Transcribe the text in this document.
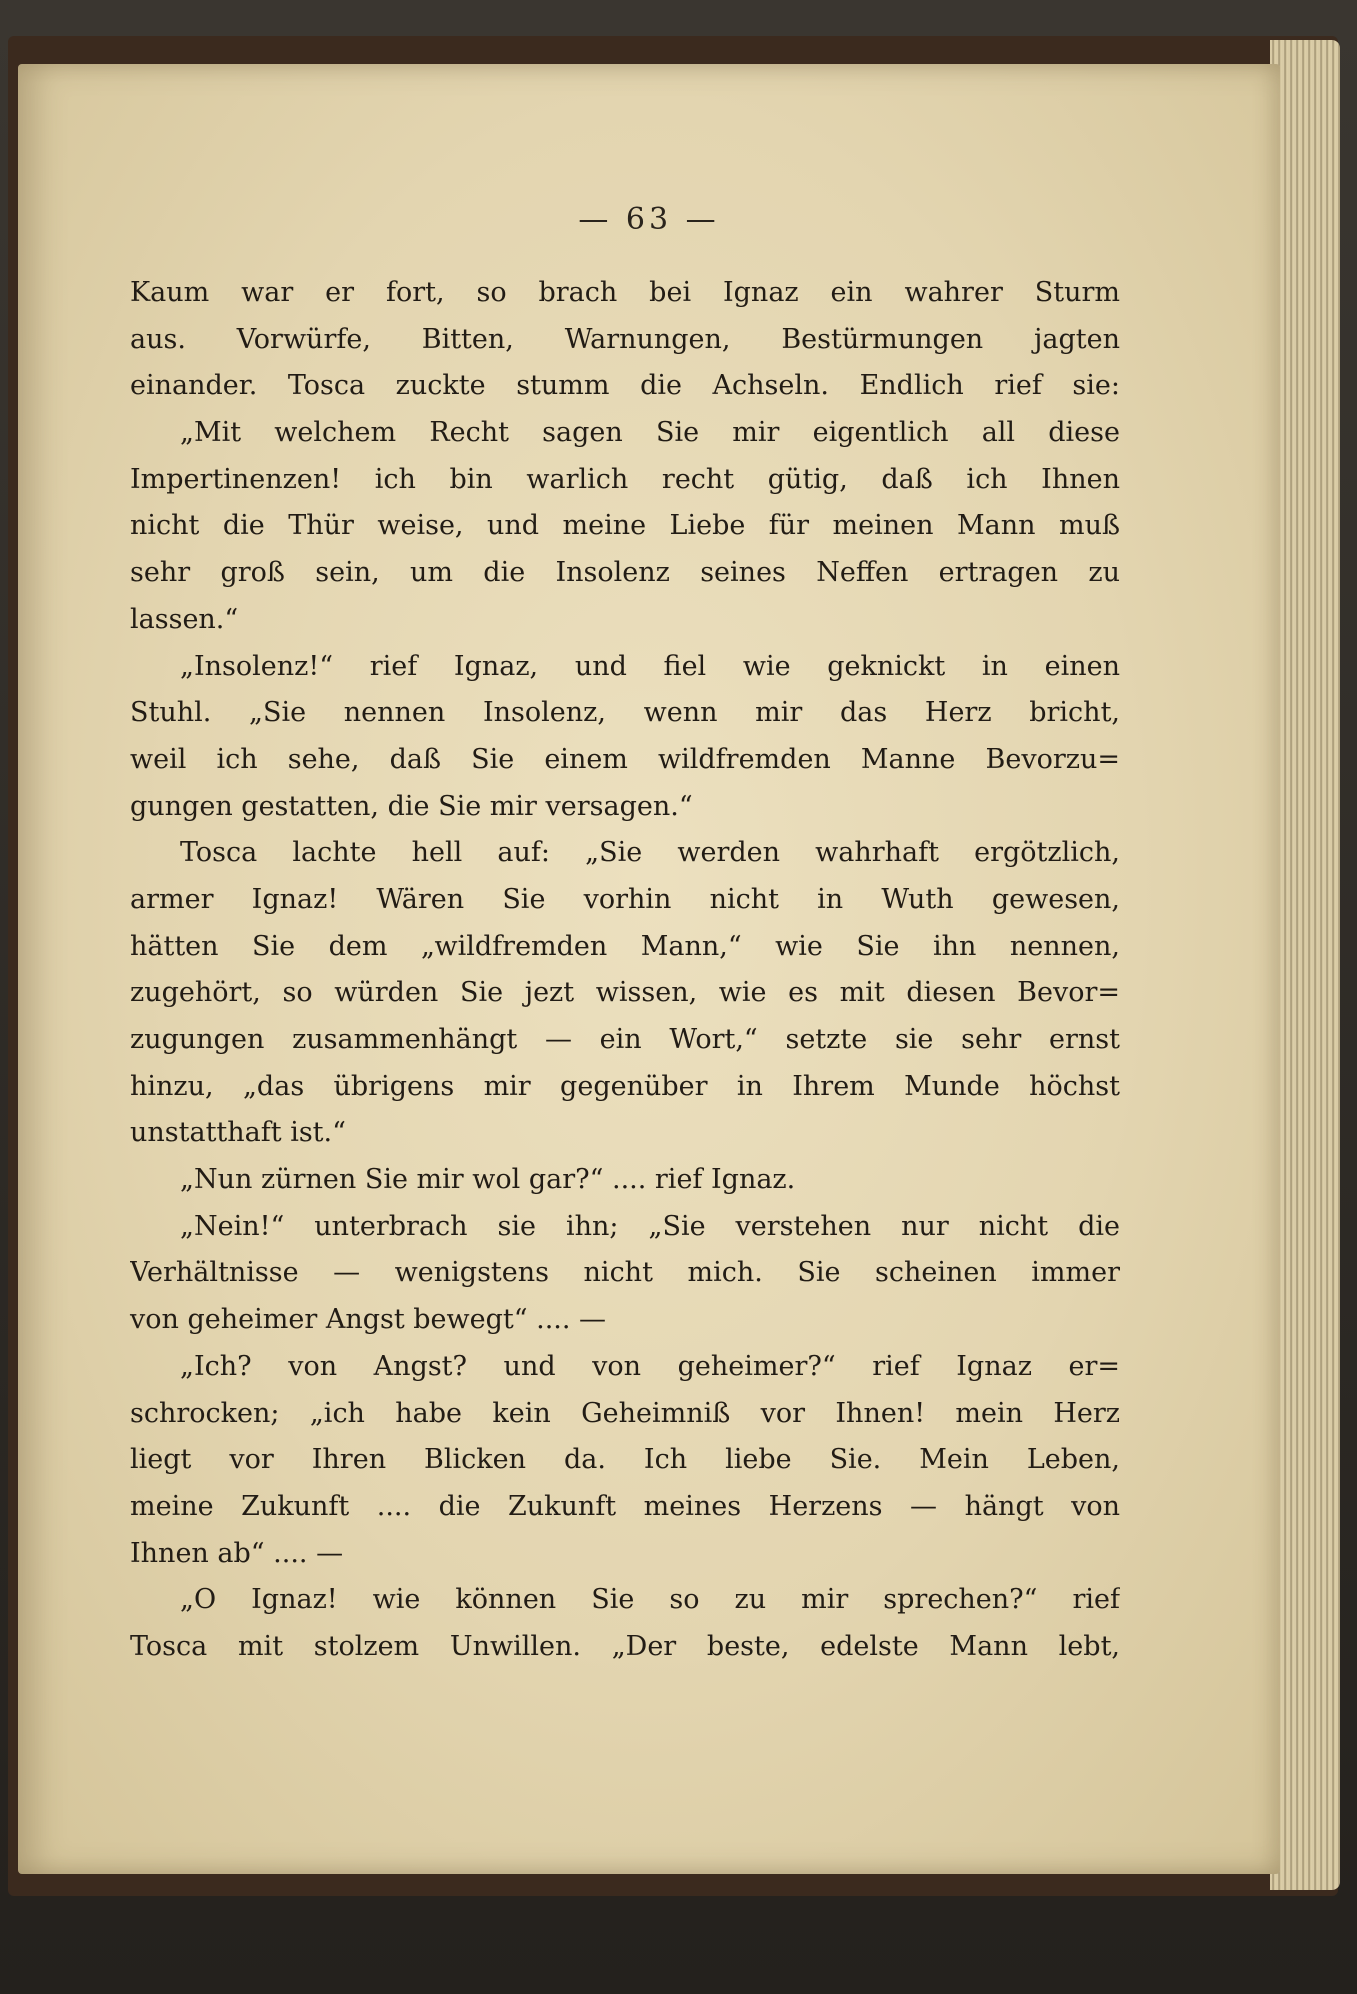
— 63 —
Kaum war er fort, so brach bei Ignaz ein wahrer Sturm
aus. Vorwürfe, Bitten, Warnungen, Bestürmungen jagten
einander. Tosca zuckte stumm die Achseln. Endlich rief sie:
„Mit welchem Recht sagen Sie mir eigentlich all diese
Impertinenzen! ich bin warlich recht gütig, daß ich Ihnen
nicht die Thür weise, und meine Liebe für meinen Mann muß
sehr groß sein, um die Insolenz seines Neffen ertragen zu
lassen.“
„Insolenz!“ rief Ignaz, und fiel wie geknickt in einen
Stuhl. „Sie nennen Insolenz, wenn mir das Herz bricht,
weil ich sehe, daß Sie einem wildfremden Manne Bevorzu=
gungen gestatten, die Sie mir versagen.“
Tosca lachte hell auf: „Sie werden wahrhaft ergötzlich,
armer Ignaz! Wären Sie vorhin nicht in Wuth gewesen,
hätten Sie dem „wildfremden Mann,“ wie Sie ihn nennen,
zugehört, so würden Sie jezt wissen, wie es mit diesen Bevor=
zugungen zusammenhängt — ein Wort,“ setzte sie sehr ernst
hinzu, „das übrigens mir gegenüber in Ihrem Munde höchst
unstatthaft ist.“
„Nun zürnen Sie mir wol gar?“ .... rief Ignaz.
„Nein!“ unterbrach sie ihn; „Sie verstehen nur nicht die
Verhältnisse — wenigstens nicht mich. Sie scheinen immer
von geheimer Angst bewegt“ .... —
„Ich? von Angst? und von geheimer?“ rief Ignaz er=
schrocken; „ich habe kein Geheimniß vor Ihnen! mein Herz
liegt vor Ihren Blicken da. Ich liebe Sie. Mein Leben,
meine Zukunft .... die Zukunft meines Herzens — hängt von
Ihnen ab“ .... —
„O Ignaz! wie können Sie so zu mir sprechen?“ rief
Tosca mit stolzem Unwillen. „Der beste, edelste Mann lebt,
